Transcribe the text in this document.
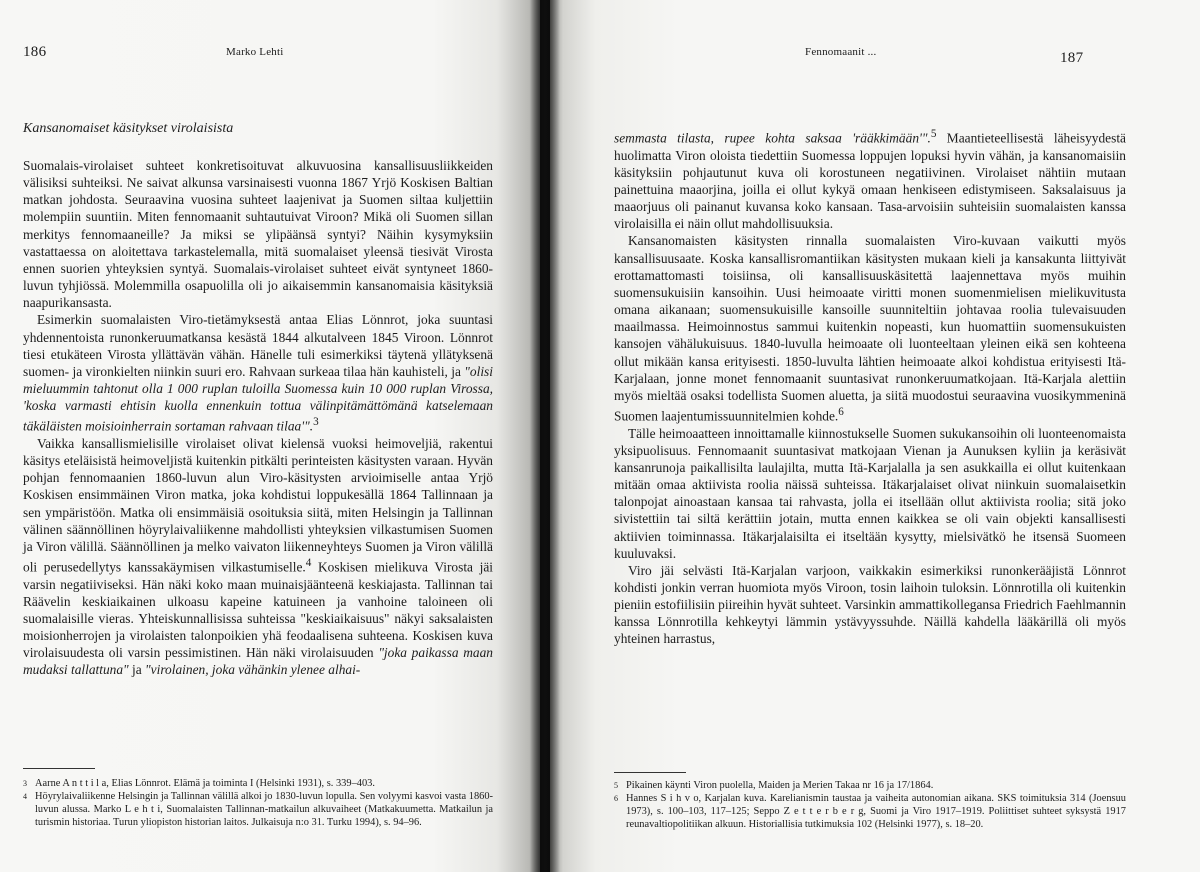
186	Marko Lehti
Kansanomaiset käsitykset virolaisista

Suomalais-virolaiset suhteet konkretisoituvat alkuvuosina kansallisuusliikkeiden välisiksi suhteiksi. Ne saivat alkunsa varsinaisesti vuonna 1867 Yrjö Koskisen Baltian matkan johdosta. Seuraavina vuosina suhteet laajenivat ja Suomen siltaa kuljettiin molempiin suuntiin. Miten fennomaanit suhtautuivat Viroon? Mikä oli Suomen sillan merkitys fennomaaneille? Ja miksi se ylipäänsä syntyi? Näihin kysymyksiin vastattaessa on aloitettava tarkastelemalla, mitä suomalaiset yleensä tiesivät Virosta ennen suorien yhteyksien syntyä. Suomalais-virolaiset suhteet eivät syntyneet 1860-luvun tyhjiössä. Molemmilla osapuolilla oli jo aikaisemmin kansanomaisia käsityksiä naapurikansasta.

Esimerkin suomalaisten Viro-tietämyksestä antaa Elias Lönnrot, joka suuntasi yhdennentoista runonkeruumatkansa kesästä 1844 alkutalveen 1845 Viroon. Lönnrot tiesi etukäteen Virosta yllättävän vähän. Hänelle tuli esimerkiksi täytenä yllätyksenä suomen- ja vironkielten niinkin suuri ero. Rahvaan surkeaa tilaa hän kauhisteli, ja "olisi mieluummin tahtonut olla 1 000 ruplan tuloilla Suomessa kuin 10 000 ruplan Virossa, 'koska varmasti ehtisin kuolla ennenkuin tottua välinpitämättömänä katselemaan täkäläisten moisioinherrain sortaman rahvaan tilaa'".$^3$

Vaikka kansallismielisille virolaiset olivat kielensä vuoksi heimoveljiä, rakentui käsitys eteläisistä heimoveljistä kuitenkin pitkälti perinteisten käsitysten varaan. Hyvän pohjan fennomaanien 1860-luvun alun Viro-käsitysten arvioimiselle antaa Yrjö Koskisen ensimmäinen Viron matka, joka kohdistui loppukesällä 1864 Tallinnaan ja sen ympäristöön. Matka oli ensimmäisiä osoituksia siitä, miten Helsingin ja Tallinnan välinen säännöllinen höyrylaivaliikenne mahdollisti yhteyksien vilkastumisen Suomen ja Viron välillä. Säännöllinen ja melko vaivaton liikenneyhteys Suomen ja Viron välillä oli perusedellytys kanssakäymisen vilkastumiselle.$^4$ Koskisen mielikuva Virosta jäi varsin negatiiviseksi. Hän näki koko maan muinaisjäänteenä keskiajasta. Tallinnan tai Räävelin keskiaikainen ulkoasu kapeine katuineen ja vanhoine taloineen oli suomalaisille vieras. Yhteiskunnallisissa suhteissa "keskiaikaisuus" näkyi saksalaisten moisionherrojen ja virolaisten talonpoikien yhä feodaalisena suhteena. Koskisen kuva virolaisuudesta oli varsin pessimistinen. Hän näki virolaisuuden "joka paikassa maan mudaksi tallattuna" ja "virolainen, joka vähänkin ylenee alhai-

3 Aarne A n t t i l a, Elias Lönnrot. Elämä ja toiminta I (Helsinki 1931), s. 339–403.

4 Höyrylaivaliikenne Helsingin ja Tallinnan välillä alkoi jo 1830-luvun lopulla. Sen volyymi kasvoi vasta 1860-luvun alussa. Marko L e h t i, Suomalaisten Tallinnan-matkailun alkuvaiheet (Matkakuumetta. Matkailun ja turismin historiaa. Turun yliopiston historian laitos. Julkaisuja n:o 31. Turku 1994), s. 94–96.

Fennomaanit ...	187

semmasta tilasta, rupee kohta saksaa 'rääkkimään'".$^5$ Maantieteellisestä läheisyydestä huolimatta Viron oloista tiedettiin Suomessa loppujen lopuksi hyvin vähän, ja kansanomaisiin käsityksiin pohjautunut kuva oli korostuneen negatiivinen. Virolaiset nähtiin mutaan painettuina maaorjina, joilla ei ollut kykyä omaan henkiseen edistymiseen. Saksalaisuus ja maaorjuus oli painanut kuvansa koko kansaan. Tasa-arvoisiin suhteisiin suomalaisten kanssa virolaisilla ei näin ollut mahdollisuuksia.

Kansanomaisten käsitysten rinnalla suomalaisten Viro-kuvaan vaikutti myös kansallisuusaate. Koska kansallisromantiikan käsitysten mukaan kieli ja kansakunta liittyivät erottamattomasti toisiinsa, oli kansallisuuskäsitettä laajennettava myös muihin suomensukuisiin kansoihin. Uusi heimoaate viritti monen suomenmielisen mielikuvitusta omana aikanaan; suomensukuisille kansoille suunniteltiin johtavaa roolia tulevaisuuden maailmassa. Heimoinnostus sammui kuitenkin nopeasti, kun huomattiin suomensukuisten kansojen vähälukuisuus. 1840-luvulla heimoaate oli luonteeltaan yleinen eikä sen kohteena ollut mikään kansa erityisesti. 1850-luvulta lähtien heimoaate alkoi kohdistua erityisesti Itä-Karjalaan, jonne monet fennomaanit suuntasivat runonkeruumatkojaan. Itä-Karjala alettiin myös mieltää osaksi todellista Suomen aluetta, ja siitä muodostui seuraavina vuosikymmeninä Suomen laajentumissuunnitelmien kohde.$^6$

Tälle heimoaatteen innoittamalle kiinnostukselle Suomen sukukansoihin oli luonteenomaista yksipuolisuus. Fennomaanit suuntasivat matkojaan Vienan ja Aunuksen kyliin ja keräsivät kansanrunoja paikallisilta laulajilta, mutta Itä-Karjalalla ja sen asukkailla ei ollut kuitenkaan mitään omaa aktiivista roolia näissä suhteissa. Itäkarjalaiset olivat niinkuin suomalaisetkin talonpojat ainoastaan kansaa tai rahvasta, jolla ei itsellään ollut aktiivista roolia; sitä joko sivistettiin tai siltä kerättiin jotain, mutta ennen kaikkea se oli vain objekti kansallisesti aktiivien toiminnassa. Itäkarjalaisilta ei itseltään kysytty, mielsivätkö he itsensä Suomeen kuuluvaksi.

Viro jäi selvästi Itä-Karjalan varjoon, vaikkakin esimerkiksi runonkerääjistä Lönnrot kohdisti jonkin verran huomiota myös Viroon, tosin laihoin tuloksin. Lönnrotilla oli kuitenkin pieniin estofiilisiin piireihin hyvät suhteet. Varsinkin ammattikollegansa Friedrich Faehlmannin kanssa Lönnrotilla kehkeytyi lämmin ystävyyssuhde. Näillä kahdella lääkärillä oli myös yhteinen harrastus,

5 Pikainen käynti Viron puolella, Maiden ja Merien Takaa nr 16 ja 17/1864.

6 Hannes S i h v o, Karjalan kuva. Karelianismin taustaa ja vaiheita autonomian aikana. SKS toimituksia 314 (Joensuu 1973), s. 100–103, 117–125; Seppo Z e t t e r b e r g, Suomi ja Viro 1917–1919. Poliittiset suhteet syksystä 1917 reunavaltiopolitiikan alkuun. Historiallisia tutkimuksia 102 (Helsinki 1977), s. 18–20.
